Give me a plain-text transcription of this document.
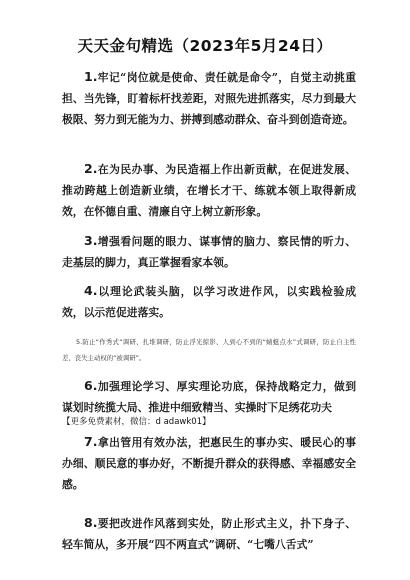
天天金句精选（2023年5月24日）
1.牢记“岗位就是使命、责任就是命令”，自觉主动挑重担、当先锋，盯着标杆找差距，对照先进抓落实，尽力到最大极限、努力到无能为力、拼搏到感动群众、奋斗到创造奇迹。
2.在为民办事、为民造福上作出新贡献，在促进发展、推动跨越上创造新业绩，在增长才干、练就本领上取得新成效，在怀德自重、清廉自守上树立新形象。
3.增强看问题的眼力、谋事情的脑力、察民情的听力、走基层的脚力，真正掌握看家本领。
4.以理论武装头脑，以学习改进作风，以实践检验成效，以示范促进落实。
5.防止“作秀式”调研、扎堆调研，防止浮光掠影、人到心不到的“蜻蜓点水”式调研，防止自主性差、丧失主动权的“被调研”。
6.加强理论学习、厚实理论功底，保持战略定力，做到谋划时统揽大局、推进中细致精当、实操时下足绣花功夫
【更多免费素材，微信：d adawk01】
7.拿出管用有效办法，把惠民生的事办实、暖民心的事办细、顺民意的事办好，不断提升群众的获得感、幸福感安全感。
8.要把改进作风落到实处，防止形式主义，扑下身子、轻车简从，多开展“四不两直式”调研、“七嘴八舌式”
